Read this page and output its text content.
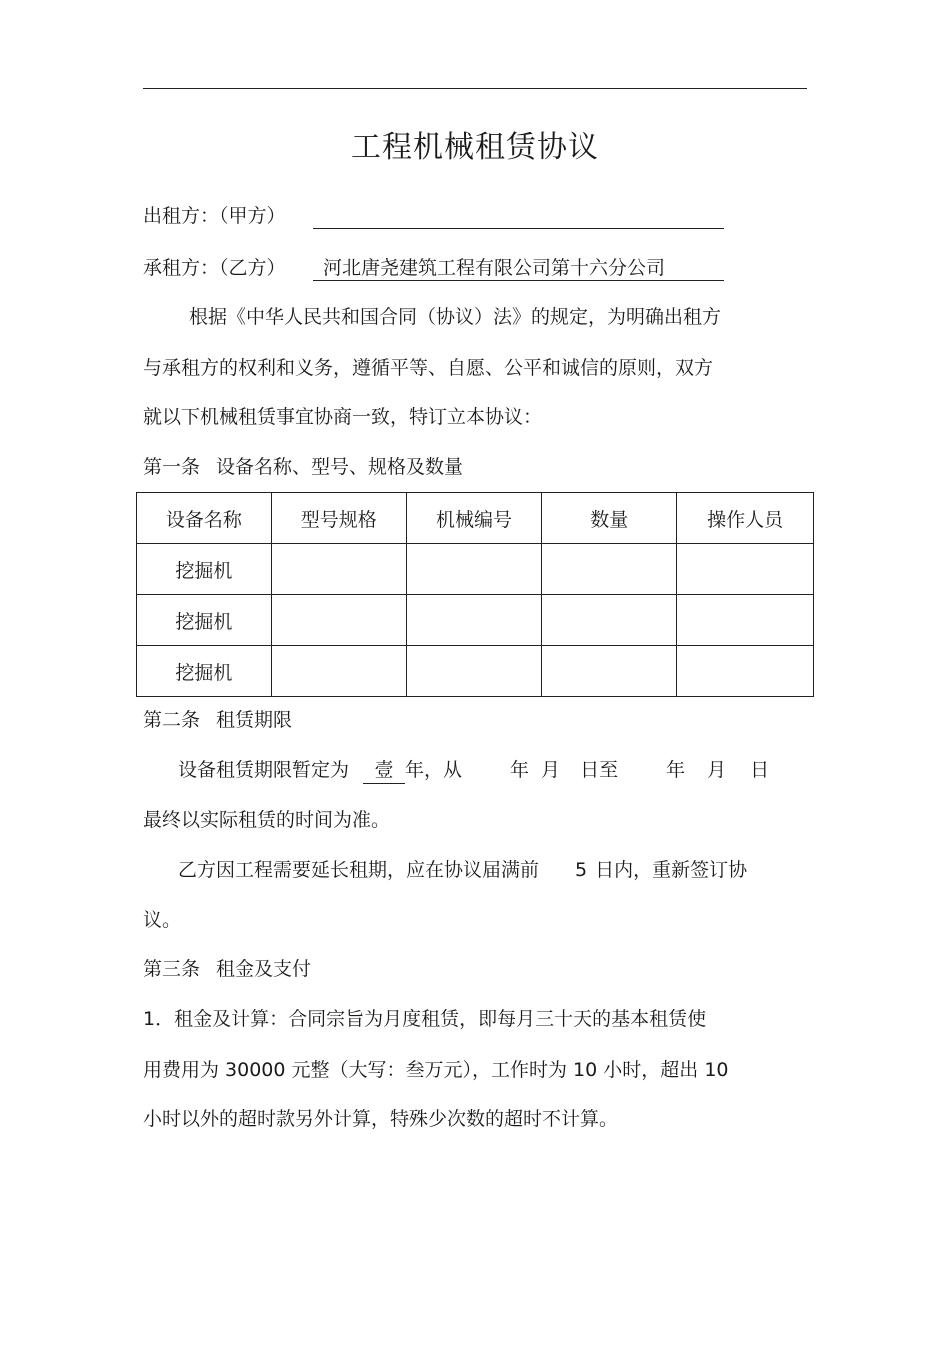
工程机械租赁协议
出租方：（甲方）
承租方：（乙方）	河北唐尧建筑工程有限公司第十六分公司
根据《中华人民共和国合同（协议）法》的规定，为明确出租方
与承租方的权利和义务，遵循平等、自愿、公平和诚信的原则，双方
就以下机械租赁事宜协商一致，特订立本协议：
第一条 设备名称、型号、规格及数量
设备名称	型号规格	机械编号	数量	操作人员
挖掘机				
挖掘机				
挖掘机				
第二条 租赁期限
设备租赁期限暂定为 壹 年，从	年 月 日至	年 月 日
最终以实际租赁的时间为准。
乙方因工程需要延长租期，应在协议届满前 5 日内，重新签订协
议。
第三条 租金及支付
1．租金及计算：合同宗旨为月度租赁，即每月三十天的基本租赁使
用费用为 30000 元整（大写：叁万元），工作时为 10 小时，超出 10
小时以外的超时款另外计算，特殊少次数的超时不计算。
